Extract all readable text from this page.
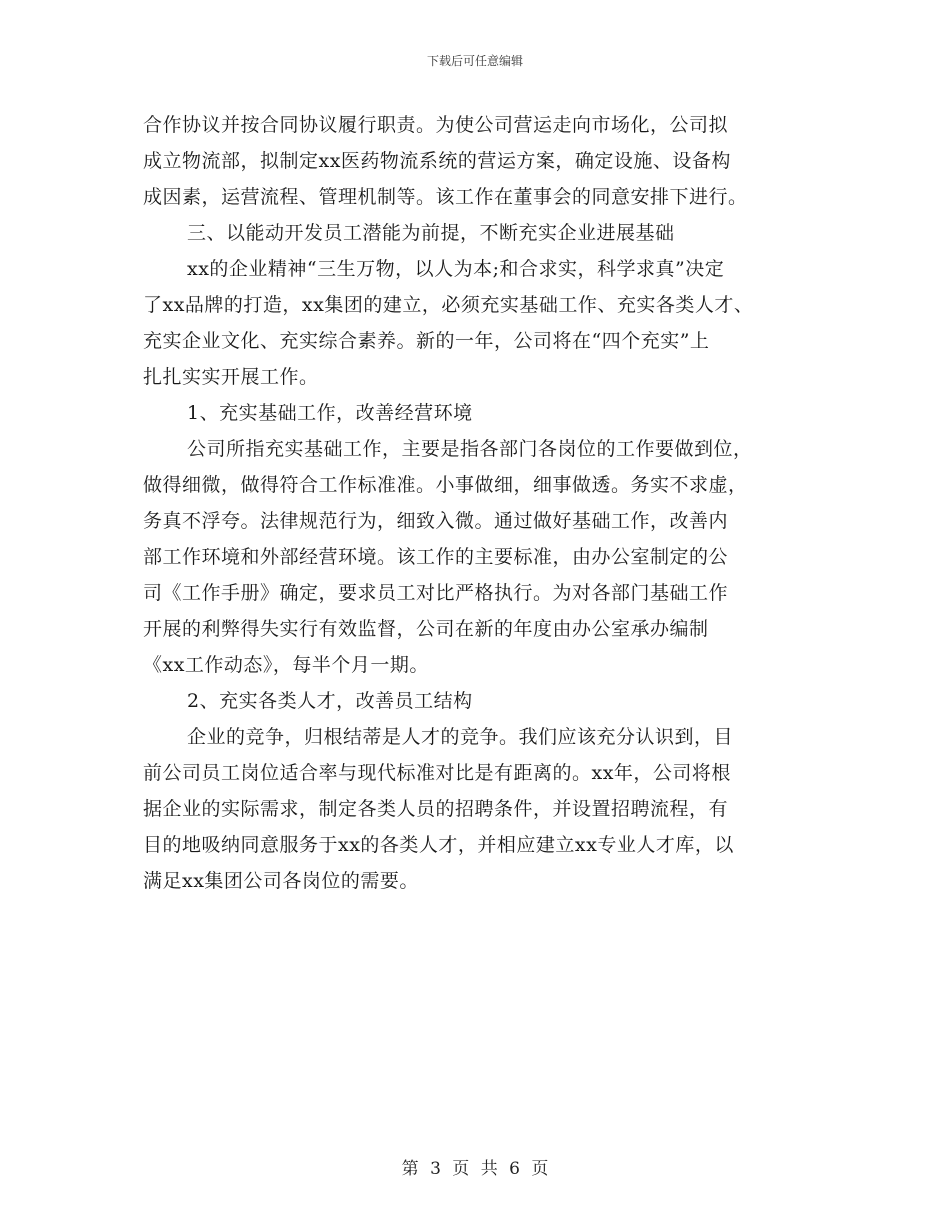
下载后可任意编辑
合作协议并按合同协议履行职责。为使公司营运走向市场化，公司拟
成立物流部，拟制定xx医药物流系统的营运方案，确定设施、设备构
成因素，运营流程、管理机制等。该工作在董事会的同意安排下进行。
三、以能动开发员工潜能为前提，不断充实企业进展基础
xx的企业精神“三生万物，以人为本;和合求实，科学求真”决定
了xx品牌的打造，xx集团的建立，必须充实基础工作、充实各类人才、
充实企业文化、充实综合素养。新的一年，公司将在“四个充实”上
扎扎实实开展工作。
1、充实基础工作，改善经营环境
公司所指充实基础工作，主要是指各部门各岗位的工作要做到位，
做得细微，做得符合工作标准准。小事做细，细事做透。务实不求虚，
务真不浮夸。法律规范行为，细致入微。通过做好基础工作，改善内
部工作环境和外部经营环境。该工作的主要标准，由办公室制定的公
司《工作手册》确定，要求员工对比严格执行。为对各部门基础工作
开展的利弊得失实行有效监督，公司在新的年度由办公室承办编制
《xx工作动态》，每半个月一期。
2、充实各类人才，改善员工结构
企业的竞争，归根结蒂是人才的竞争。我们应该充分认识到，目
前公司员工岗位适合率与现代标准对比是有距离的。xx年，公司将根
据企业的实际需求，制定各类人员的招聘条件，并设置招聘流程，有
目的地吸纳同意服务于xx的各类人才，并相应建立xx专业人才库，以
满足xx集团公司各岗位的需要。
第 3 页 共 6 页
